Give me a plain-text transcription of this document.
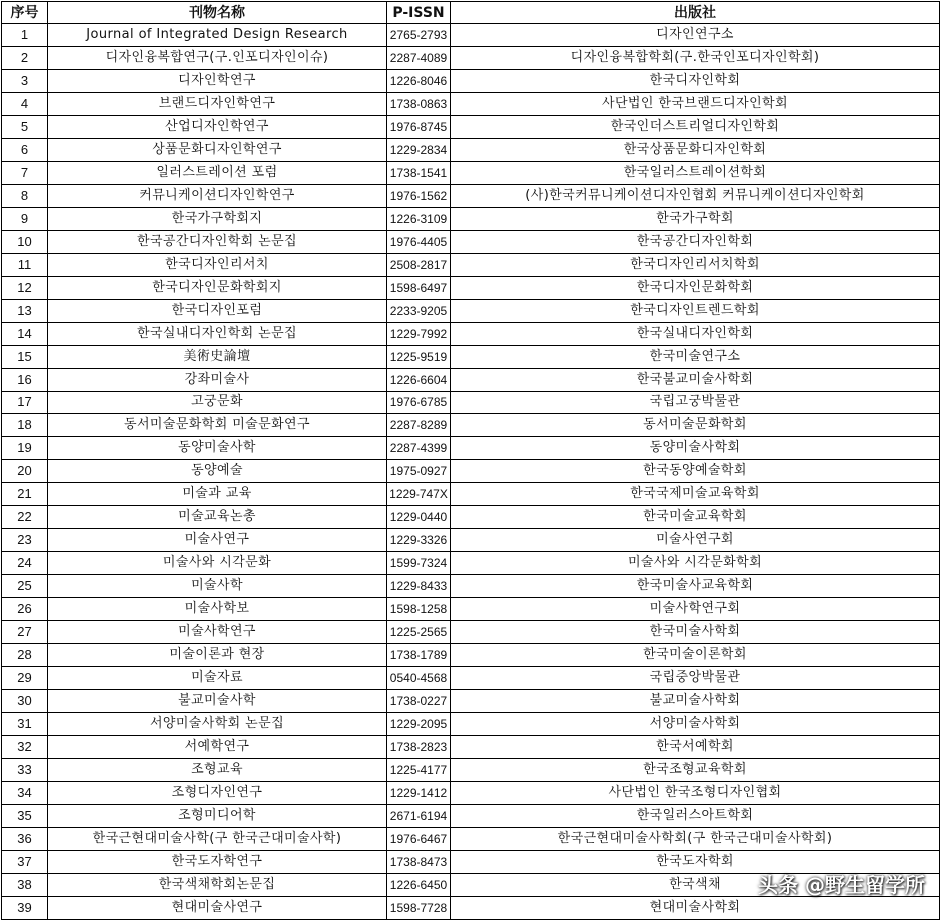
序号	刊物名称	P-ISSN	出版社
1	Journal of Integrated Design Research	2765-2793	디자인연구소
2	디자인융복합연구(구.인포디자인이슈)	2287-4089	디자인융복합학회(구.한국인포디자인학회)
3	디자인학연구	1226-8046	한국디자인학회
4	브랜드디자인학연구	1738-0863	사단법인 한국브랜드디자인학회
5	산업디자인학연구	1976-8745	한국인더스트리얼디자인학회
6	상품문화디자인학연구	1229-2834	한국상품문화디자인학회
7	일러스트레이션 포럼	1738-1541	한국일러스트레이션학회
8	커뮤니케이션디자인학연구	1976-1562	(사)한국커뮤니케이션디자인협회 커뮤니케이션디자인학회
9	한국가구학회지	1226-3109	한국가구학회
10	한국공간디자인학회 논문집	1976-4405	한국공간디자인학회
11	한국디자인리서치	2508-2817	한국디자인리서치학회
12	한국디자인문화학회지	1598-6497	한국디자인문화학회
13	한국디자인포럼	2233-9205	한국디자인트렌드학회
14	한국실내디자인학회 논문집	1229-7992	한국실내디자인학회
15	美術史論壇	1225-9519	한국미술연구소
16	강좌미술사	1226-6604	한국불교미술사학회
17	고궁문화	1976-6785	국립고궁박물관
18	동서미술문화학회 미술문화연구	2287-8289	동서미술문화학회
19	동양미술사학	2287-4399	동양미술사학회
20	동양예술	1975-0927	한국동양예술학회
21	미술과 교육	1229-747X	한국국제미술교육학회
22	미술교육논총	1229-0440	한국미술교육학회
23	미술사연구	1229-3326	미술사연구회
24	미술사와 시각문화	1599-7324	미술사와 시각문화학회
25	미술사학	1229-8433	한국미술사교육학회
26	미술사학보	1598-1258	미술사학연구회
27	미술사학연구	1225-2565	한국미술사학회
28	미술이론과 현장	1738-1789	한국미술이론학회
29	미술자료	0540-4568	국립중앙박물관
30	불교미술사학	1738-0227	불교미술사학회
31	서양미술사학회 논문집	1229-2095	서양미술사학회
32	서예학연구	1738-2823	한국서예학회
33	조형교육	1225-4177	한국조형교육학회
34	조형디자인연구	1229-1412	사단법인 한국조형디자인협회
35	조형미디어학	2671-6194	한국일러스아트학회
36	한국근현대미술사학(구 한국근대미술사학)	1976-6467	한국근현대미술사학회(구 한국근대미술사학회)
37	한국도자학연구	1738-8473	한국도자학회
38	한국색채학회논문집	1226-6450	한국색채
39	현대미술사연구	1598-7728	현대미술사학회
头条 @野生留学所
